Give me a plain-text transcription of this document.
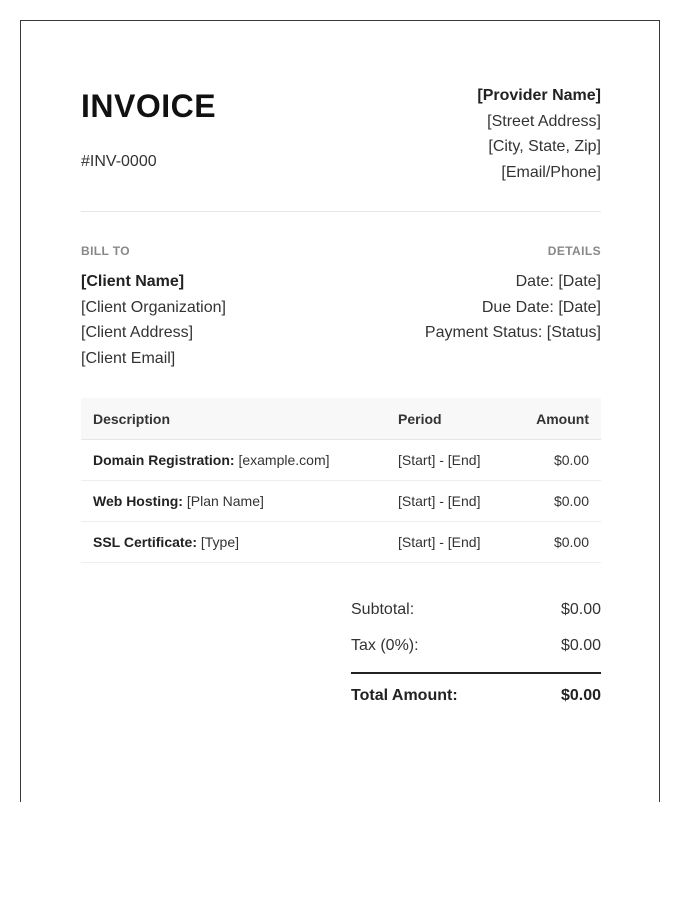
INVOICE
#INV-0000
[Provider Name]
[Street Address]
[City, State, Zip]
[Email/Phone]
BILL TO
[Client Name]
[Client Organization]
[Client Address]
[Client Email]
DETAILS
Date: [Date]
Due Date: [Date]
Payment Status: [Status]
Description	Period	Amount
Domain Registration: [example.com]	[Start] - [End]	$0.00
Web Hosting: [Plan Name]	[Start] - [End]	$0.00
SSL Certificate: [Type]	[Start] - [End]	$0.00
Subtotal:	$0.00
Tax (0%):	$0.00
Total Amount:	$0.00
